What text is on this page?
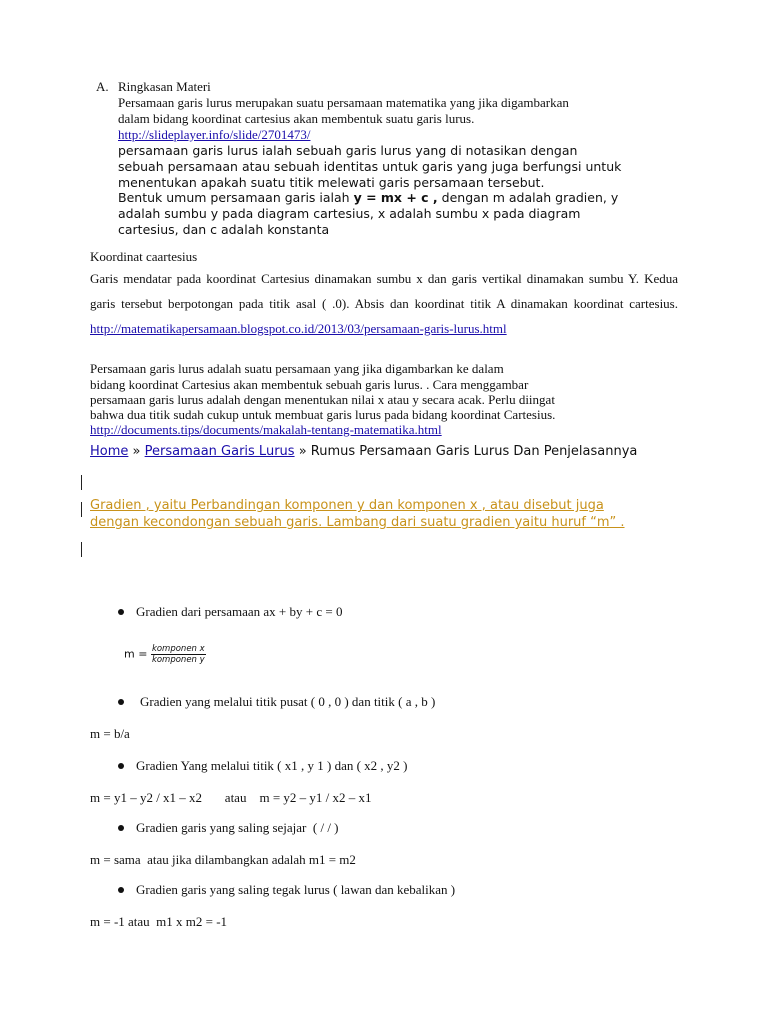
A. Ringkasan Materi
Persamaan garis lurus merupakan suatu persamaan matematika yang jika digambarkan
dalam bidang koordinat cartesius akan membentuk suatu garis lurus.
http://slideplayer.info/slide/2701473/
persamaan garis lurus ialah sebuah garis lurus yang di notasikan dengan
sebuah persamaan atau sebuah identitas untuk garis yang juga berfungsi untuk
menentukan apakah suatu titik melewati garis persamaan tersebut.
Bentuk umum persamaan garis ialah y = mx + c , dengan m adalah gradien, y
adalah sumbu y pada diagram cartesius, x adalah sumbu x pada diagram
cartesius, dan c adalah konstanta
Koordinat caartesius
Garis mendatar pada koordinat Cartesius dinamakan sumbu x dan garis vertikal dinamakan sumbu Y. Kedua garis tersebut berpotongan pada titik asal ( .0). Absis dan koordinat titik A dinamakan koordinat cartesius. http://matematikapersamaan.blogspot.co.id/2013/03/persamaan-garis-lurus.html
Persamaan garis lurus adalah suatu persamaan yang jika digambarkan ke dalam
bidang koordinat Cartesius akan membentuk sebuah garis lurus. . Cara menggambar
persamaan garis lurus adalah dengan menentukan nilai x atau y secara acak. Perlu diingat
bahwa dua titik sudah cukup untuk membuat garis lurus pada bidang koordinat Cartesius.
http://documents.tips/documents/makalah-tentang-matematika.html
Home » Persamaan Garis Lurus » Rumus Persamaan Garis Lurus Dan Penjelasannya
Gradien , yaitu Perbandingan komponen y dan komponen x , atau disebut juga
dengan kecondongan sebuah garis. Lambang dari suatu gradien yaitu huruf “m” .
Gradien dari persamaan ax + by + c = 0
$m = \frac{\text{komponen x}}{\text{komponen y}}$
Gradien yang melalui titik pusat ( 0 , 0 ) dan titik ( a , b )
m = b/a
Gradien Yang melalui titik ( x1 , y 1 ) dan ( x2 , y2 )
m = y1 – y2 / x1 – x2       atau    m = y2 – y1 / x2 – x1
Gradien garis yang saling sejajar  ( / / )
m = sama  atau jika dilambangkan adalah m1 = m2
Gradien garis yang saling tegak lurus ( lawan dan kebalikan )
m = -1 atau  m1 x m2 = -1
